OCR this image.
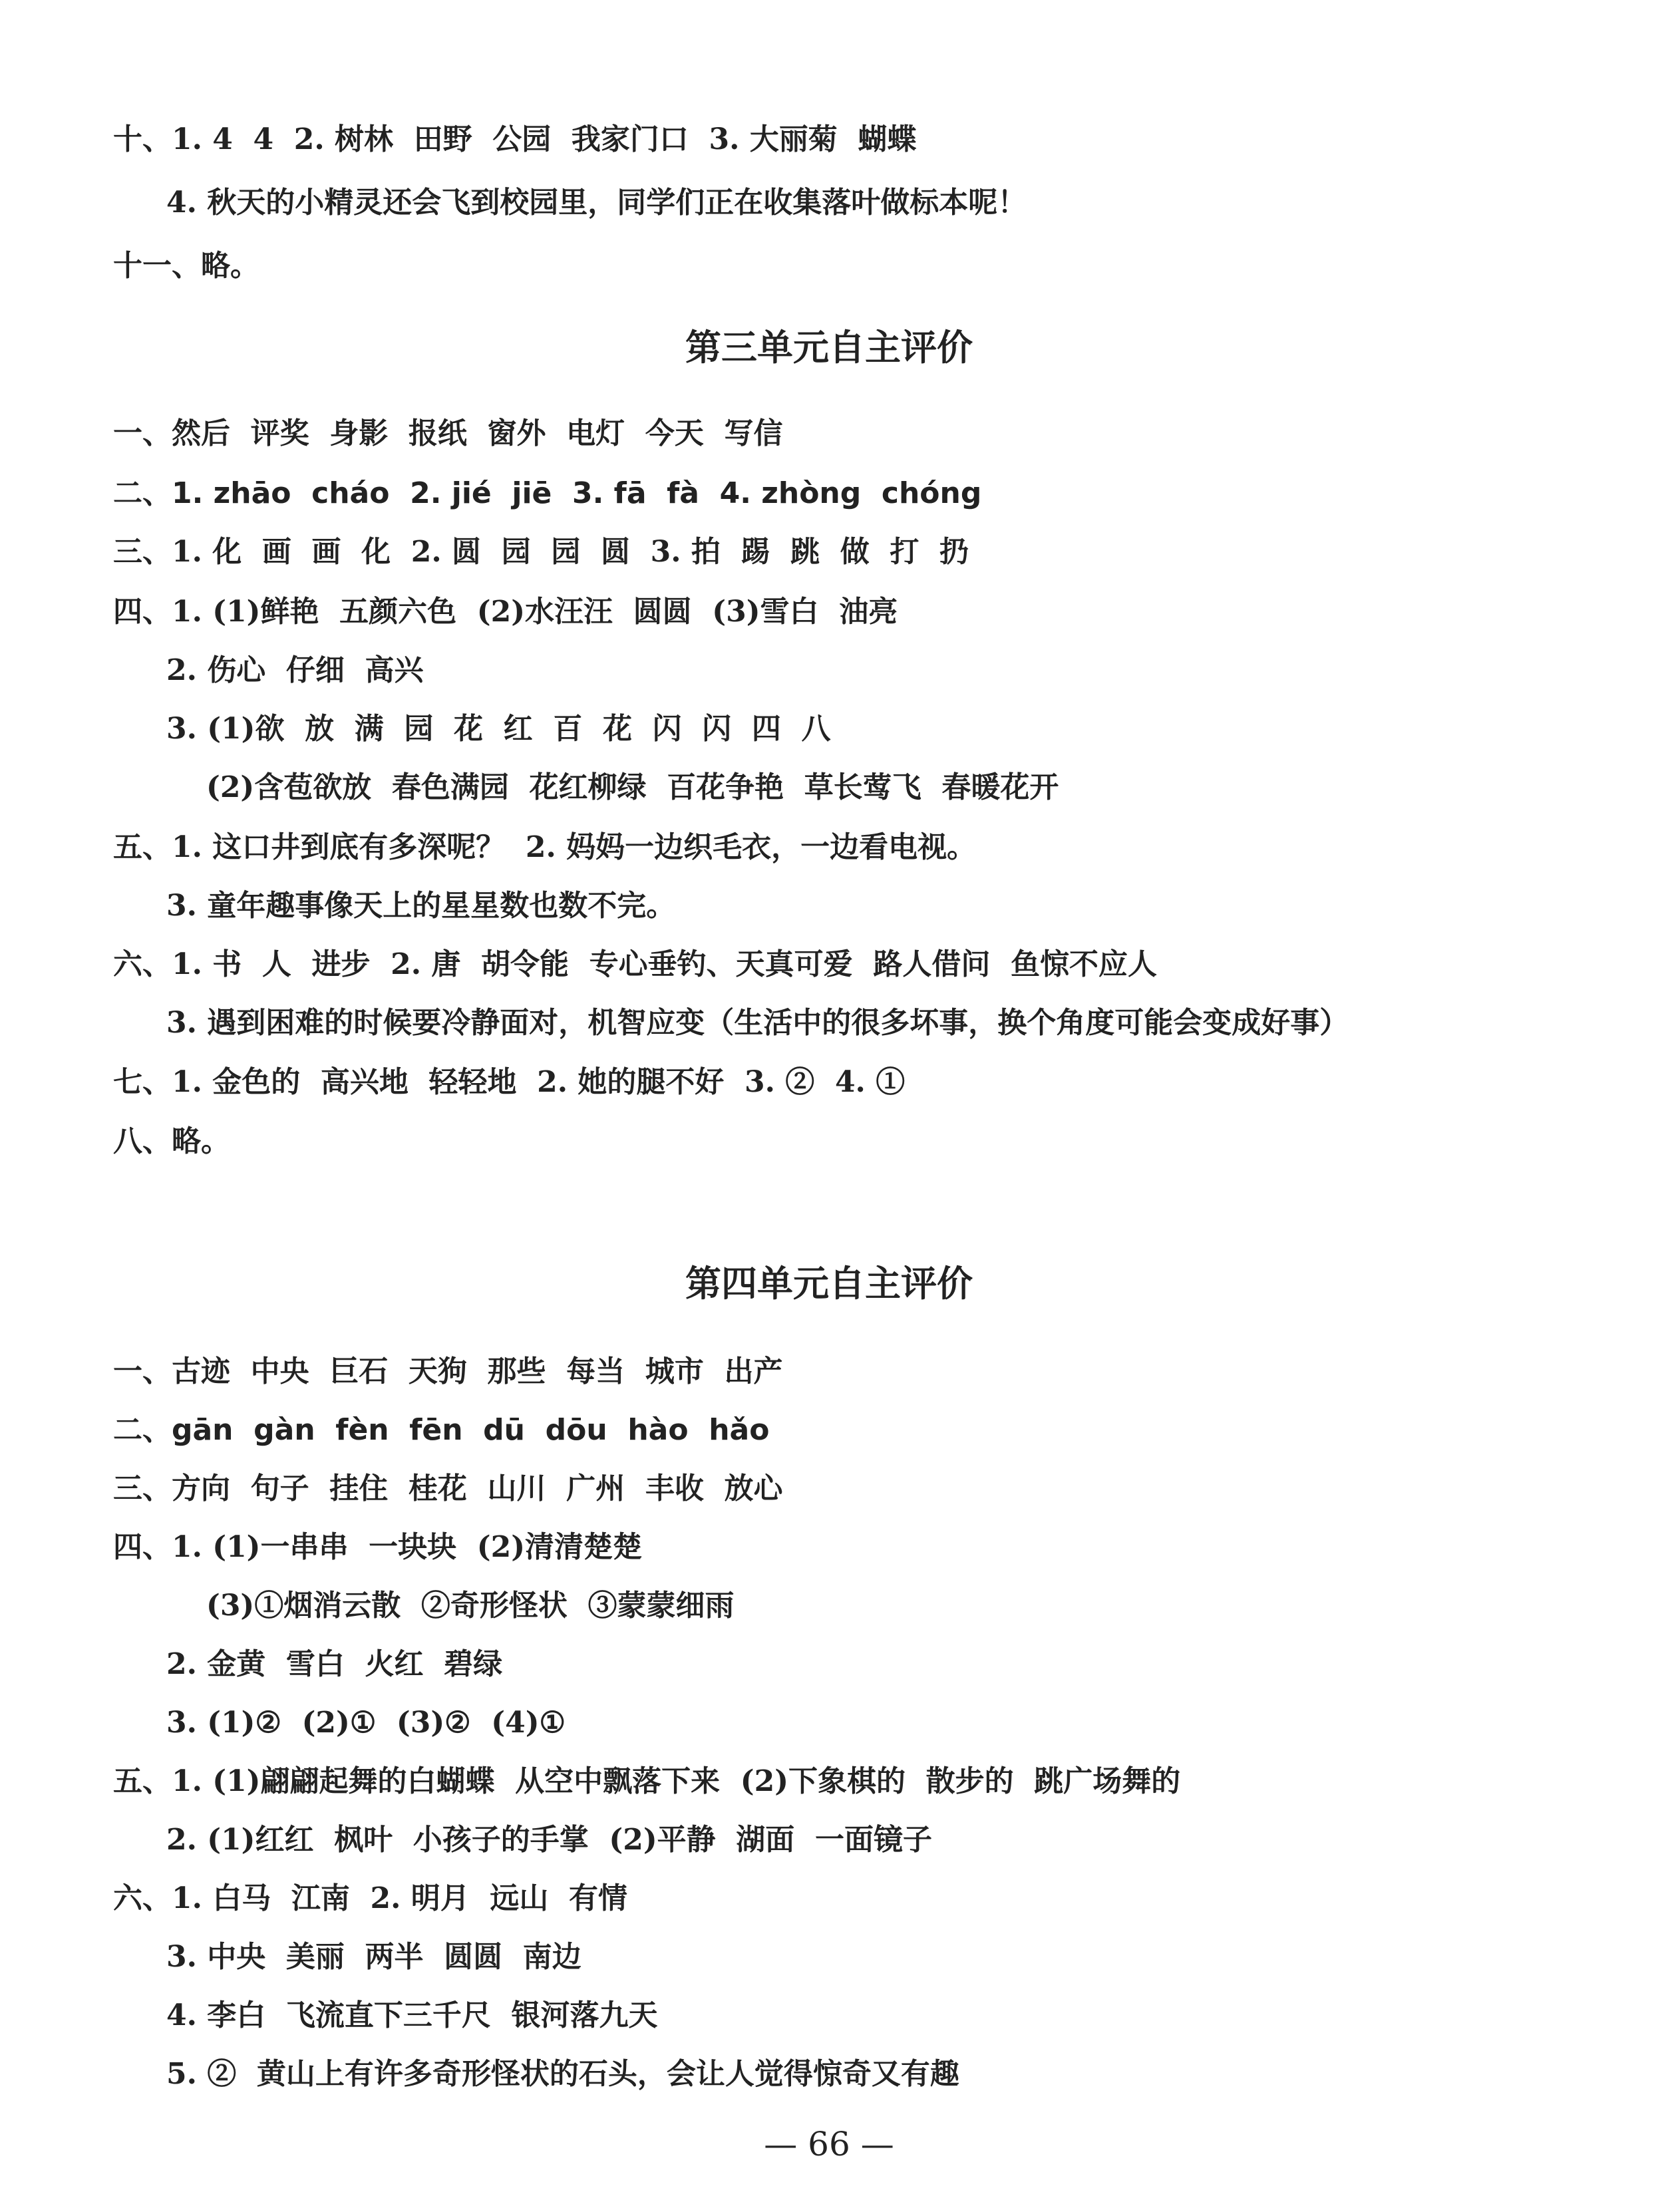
十、1. 4  4  2. 树林  田野  公园  我家门口  3. 大丽菊  蝴蝶
4. 秋天的小精灵还会飞到校园里，同学们正在收集落叶做标本呢！
十一、略。
第三单元自主评价
一、然后  评奖  身影  报纸  窗外  电灯  今天  写信
二、1. zhāo  cháo  2. jié  jiē  3. fā  fà  4. zhòng  chóng
三、1. 化  画  画  化  2. 圆  园  园  圆  3. 拍  踢  跳  做  打  扔
四、1. (1)鲜艳  五颜六色  (2)水汪汪  圆圆  (3)雪白  油亮
2. 伤心  仔细  高兴
3. (1)欲  放  满  园  花  红  百  花  闪  闪  四  八
(2)含苞欲放  春色满园  花红柳绿  百花争艳  草长莺飞  春暖花开
五、1. 这口井到底有多深呢？  2. 妈妈一边织毛衣，一边看电视。
3. 童年趣事像天上的星星数也数不完。
六、1. 书  人  进步  2. 唐  胡令能  专心垂钓、天真可爱  路人借问  鱼惊不应人
3. 遇到困难的时候要冷静面对，机智应变（生活中的很多坏事，换个角度可能会变成好事）
七、1. 金色的  高兴地  轻轻地  2. 她的腿不好  3. ②  4. ①
八、略。
第四单元自主评价
一、古迹  中央  巨石  天狗  那些  每当  城市  出产
二、gān  gàn  fèn  fēn  dū  dōu  hào  hǎo
三、方向  句子  挂住  桂花  山川  广州  丰收  放心
四、1. (1)一串串  一块块  (2)清清楚楚
(3)①烟消云散  ②奇形怪状  ③蒙蒙细雨
2. 金黄  雪白  火红  碧绿
3. (1)②  (2)①  (3)②  (4)①
五、1. (1)翩翩起舞的白蝴蝶  从空中飘落下来  (2)下象棋的  散步的  跳广场舞的
2. (1)红红  枫叶  小孩子的手掌  (2)平静  湖面  一面镜子
六、1. 白马  江南  2. 明月  远山  有情
3. 中央  美丽  两半  圆圆  南边
4. 李白  飞流直下三千尺  银河落九天
5. ②  黄山上有许多奇形怪状的石头，会让人觉得惊奇又有趣
— 66 —
